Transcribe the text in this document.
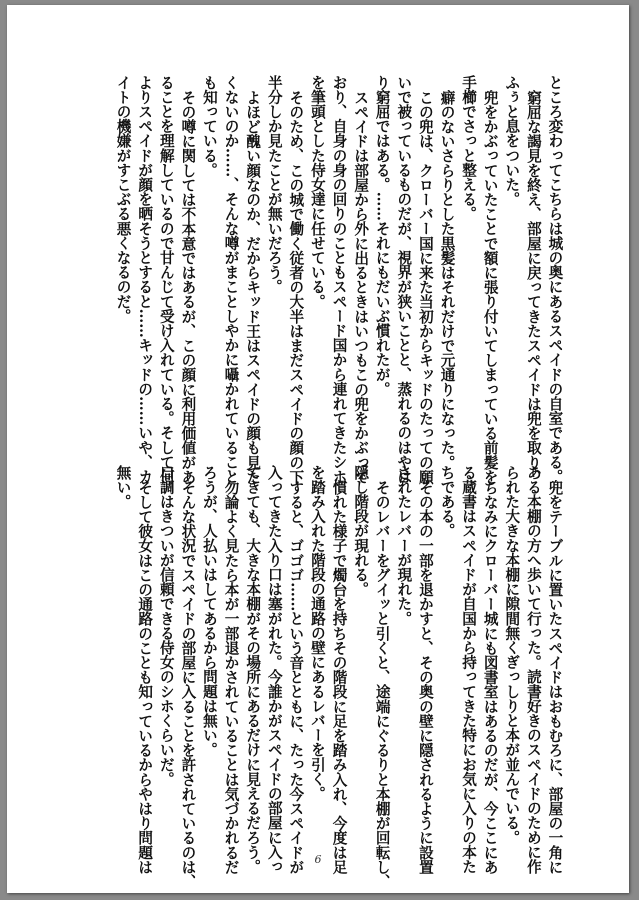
ところ変わってこちらは城の奥にあるスペイドの自室である。

窮屈な謁見を終え、部屋に戻ってきたスペイドは兜を取り、

ふぅと息をついた。

兜をかぶっていたことで額に張り付いてしまっている前髪を

手櫛でさっと整える。

癖のないさらりとした黒髪はそれだけで元通りになった。

この兜は、クローバー国に来た当初からキッドのたっての願

いで被っているものだが、視界が狭いことと、蒸れるのはやは

り窮屈ではある。……それにもだいぶ慣れたが。

スペイドは部屋から外に出るときはいつもこの兜をかぶって

おり、自身の身の回りのこともスペード国から連れてきたシホ

を筆頭とした侍女達に任せている。

そのため、この城で働く従者の大半はまだスペイドの顔の下

半分しか見たことが無いだろう。

よほど醜い顔なのか、だからキッド王はスペイドの顔も見た

くないのか……、そんな噂がまことしやかに囁かれていること

も知っている。

その噂に関しては不本意ではあるが、この顔に利用価値があ

ることを理解しているので甘んじて受け入れている。そして何

よりスペイドが顔を晒そうとすると……キッドの……いや、カ

イトの機嫌がすこぶる悪くなるのだ。

兜をテーブルに置いたスペイドはおもむろに、部屋の一角に

ある本棚の方へ歩いて行った。読書好きのスペイドのために作

られた大きな本棚に隙間無くぎっしりと本が並んでいる。

ちなみにクローバー城にも図書室はあるのだが、今ここにあ

る蔵書はスペイドが自国から持ってきた特にお気に入りの本た

ちである。

その本の一部を退かすと、その奥の壁に隠されるように設置

されたレバーが現れた。

そのレバーをグイッと引くと、途端にぐるりと本棚が回転し、

隠し階段が現れる。

慣れた様子で燭台を持ちその階段に足を踏み入れ、今度は足

を踏み入れた階段の通路の壁にあるレバーを引く。

すると、ゴゴゴ……という音とともに、たった今スペイドが

入ってきた入り口は塞がれた。今誰かがスペイドの部屋に入っ

てきても、大きな本棚がその場所にあるだけに見えるだろう。

勿論よく見たら本が一部退かされていることは気づかれるだ

ろうが、人払いはしてあるから問題は無い。

そんな状況でスペイドの部屋に入ることを許されているのは、

口調はきついが信頼できる侍女のシホくらいだ。

そして彼女はこの通路のことも知っているからやはり問題は

無い。

6
